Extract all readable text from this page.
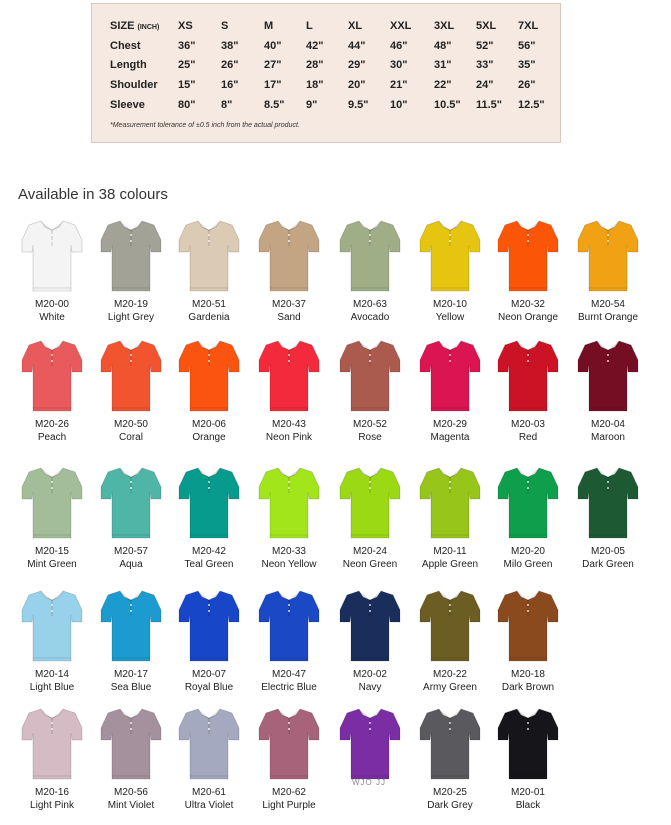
SIZE (INCH) XS	S	M	L	XL	XXL 3XL 5XL 7XL
Chest	36" 38" 40" 42" 44" 46" 48" 52" 56"
Length	25" 26" 27" 28" 29" 30" 31" 33" 35"
Shoulder 15" 16" 17" 18" 20" 21" 22" 24" 26"
Sleeve	80" 8"	8.5" 9"	9.5" 10" 10.5" 11.5" 12.5"
*Measurement tolerance of ±0.5 inch from the actual product.
Available in 38 colours
M20-00
White
M20-19
Light Grey
M20-51
Gardenia
M20-37
Sand
M20-63
Avocado
M20-10
Yellow
M20-32
Neon Orange
M20-54
Burnt Orange
M20-26
Peach
M20-50
Coral
M20-06
Orange
M20-43
Neon Pink
M20-52
Rose
M20-29
Magenta
M20-03
Red
M20-04
Maroon
M20-15
Mint Green
M20-57
Aqua
M20-42
Teal Green
M20-33
Neon Yellow
M20-24
Neon Green
M20-11
Apple Green
M20-20
Milo Green
M20-05
Dark Green
M20-14
Light Blue
M20-17
Sea Blue
M20-07
Royal Blue
M20-47
Electric Blue
M20-02
Navy
M20-22
Army Green
M20-18
Dark Brown
M20-16
Light Pink
M20-56
Mint Violet
M20-61
Ultra Violet
M20-62
Light Purple
M20-25
Dark Grey
M20-01
Black
WJO JJ
